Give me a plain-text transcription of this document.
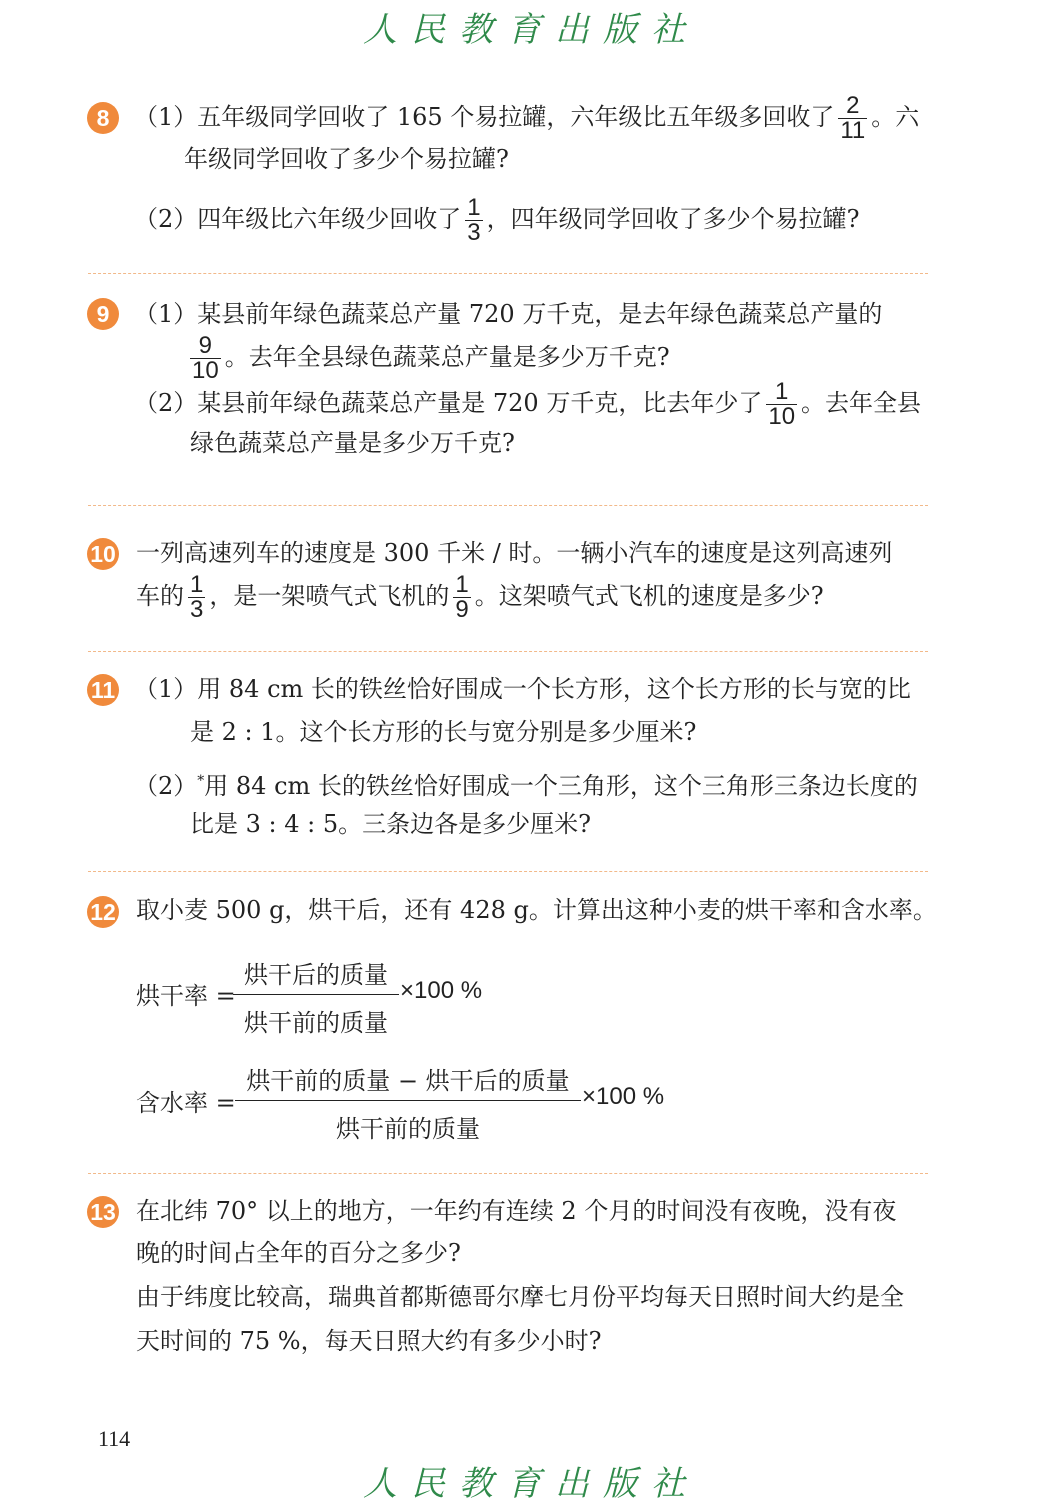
人民教育出版社
8	（1）五年级同学回收了 165 个易拉罐，六年级比五年级多回收了 $\frac{2}{11}$ 。六
年级同学回收了多少个易拉罐?
（2）四年级比六年级少回收了 $\frac{1}{3}$ ，四年级同学回收了多少个易拉罐?
9	（1）某县前年绿色蔬菜总产量 720 万千克，是去年绿色蔬菜总产量的
$\frac{9}{10}$ 。去年全县绿色蔬菜总产量是多少万千克?
（2）某县前年绿色蔬菜总产量是 720 万千克，比去年少了 $\frac{1}{10}$ 。去年全县
绿色蔬菜总产量是多少万千克?
10 一列高速列车的速度是 300 千米 / 时。一辆小汽车的速度是这列高速列
车的 $\frac{1}{3}$ ，是一架喷气式飞机的 $\frac{1}{9}$ 。这架喷气式飞机的速度是多少?
11 （1）用 84 cm 长的铁丝恰好围成一个长方形，这个长方形的长与宽的比
是 2 : 1。这个长方形的长与宽分别是多少厘米?
（2）*用 84 cm 长的铁丝恰好围成一个三角形，这个三角形三条边长度的
比是 3 : 4 : 5。三条边各是多少厘米?
12 取小麦 500 g，烘干后，还有 428 g。计算出这种小麦的烘干率和含水率。
烘干率 =
烘干后的质量
烘干前的质量
×100 %
含水率 =
烘干前的质量 − 烘干后的质量
烘干前的质量
×100 %
13 在北纬 70° 以上的地方，一年约有连续 2 个月的时间没有夜晚，没有夜
晚的时间占全年的百分之多少?
由于纬度比较高，瑞典首都斯德哥尔摩七月份平均每天日照时间大约是全
天时间的 75 %，每天日照大约有多少小时?
114
人民教育出版社
